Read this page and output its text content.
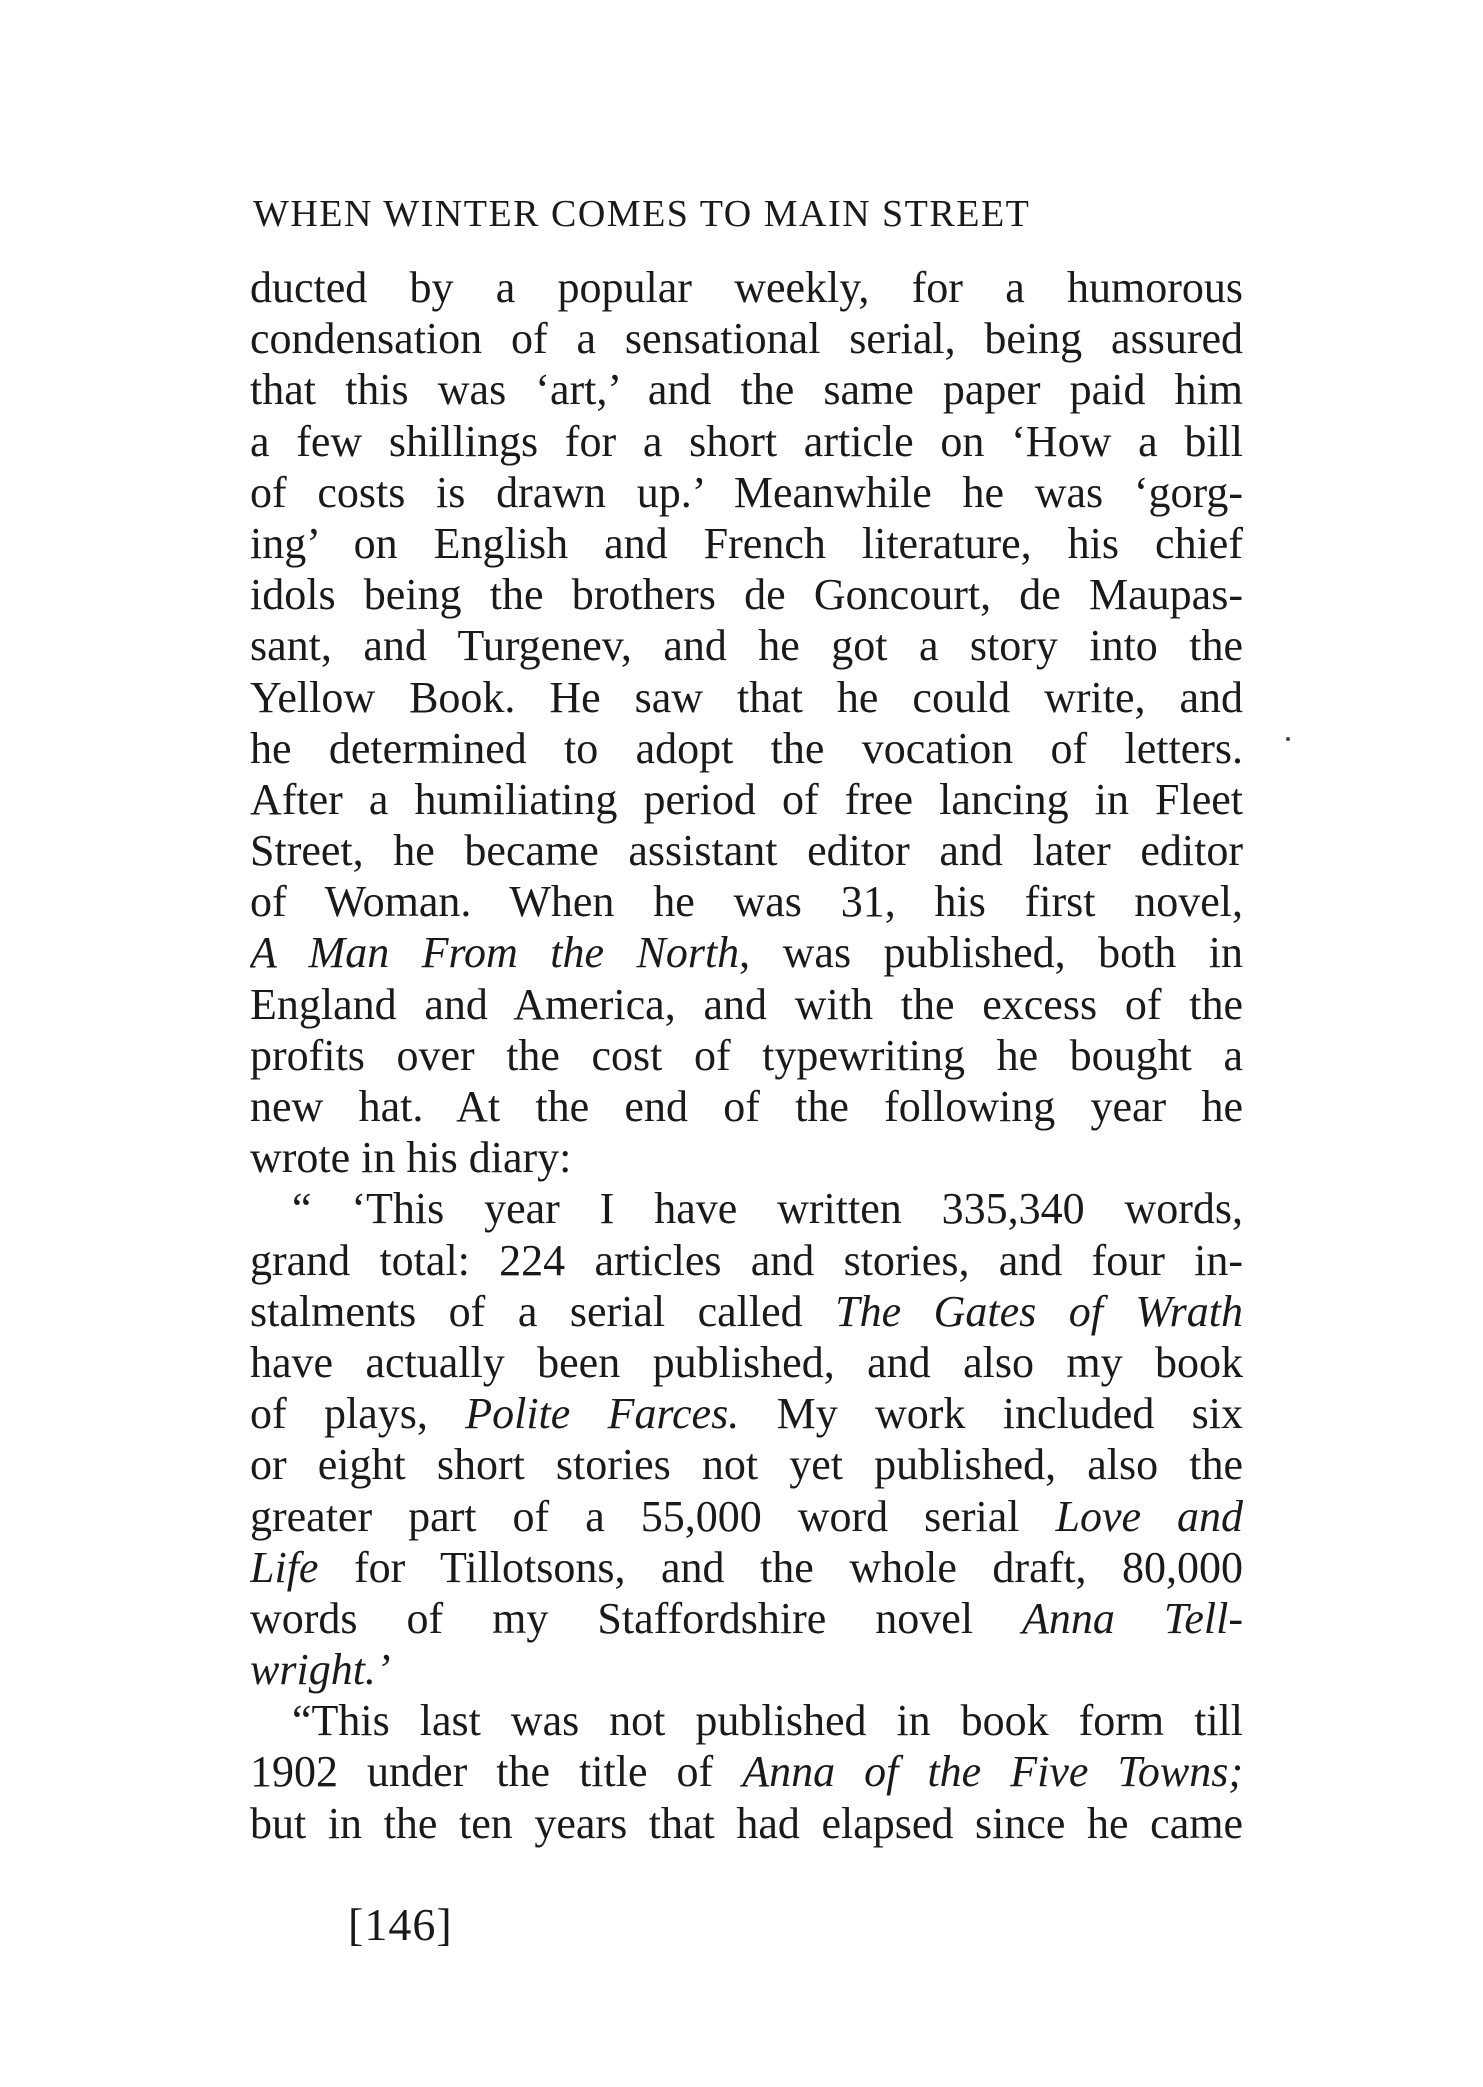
WHEN WINTER COMES TO MAIN STREET
ducted by a popular weekly, for a humorous
condensation of a sensational serial, being assured
that this was ‘art,’ and the same paper paid him
a few shillings for a short article on ‘How a bill
of costs is drawn up.’ Meanwhile he was ‘gorg-
ing’ on English and French literature, his chief
idols being the brothers de Goncourt, de Maupas-
sant, and Turgenev, and he got a story into the
Yellow Book. He saw that he could write, and
he determined to adopt the vocation of letters.
After a humiliating period of free lancing in Fleet
Street, he became assistant editor and later editor
of Woman. When he was 31, his first novel,
A Man From the North, was published, both in
England and America, and with the excess of the
profits over the cost of typewriting he bought a
new hat. At the end of the following year he
wrote in his diary:
“ ‘This year I have written 335,340 words,
grand total: 224 articles and stories, and four in-
stalments of a serial called The Gates of Wrath
have actually been published, and also my book
of plays, Polite Farces. My work included six
or eight short stories not yet published, also the
greater part of a 55,000 word serial Love and
Life for Tillotsons, and the whole draft, 80,000
words of my Staffordshire novel Anna Tell-
wright.’
“This last was not published in book form till
1902 under the title of Anna of the Five Towns;
but in the ten years that had elapsed since he came
[146]
